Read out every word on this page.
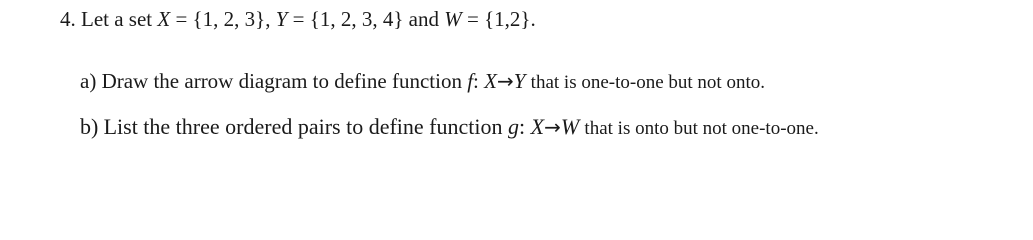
4. Let a set X = {1, 2, 3}, Y = {1, 2, 3, 4} and W = {1,2}.
a) Draw the arrow diagram to define function f: X→Y that is one-to-one but not onto.
b) List the three ordered pairs to define function g: X→W that is onto but not one-to-one.
